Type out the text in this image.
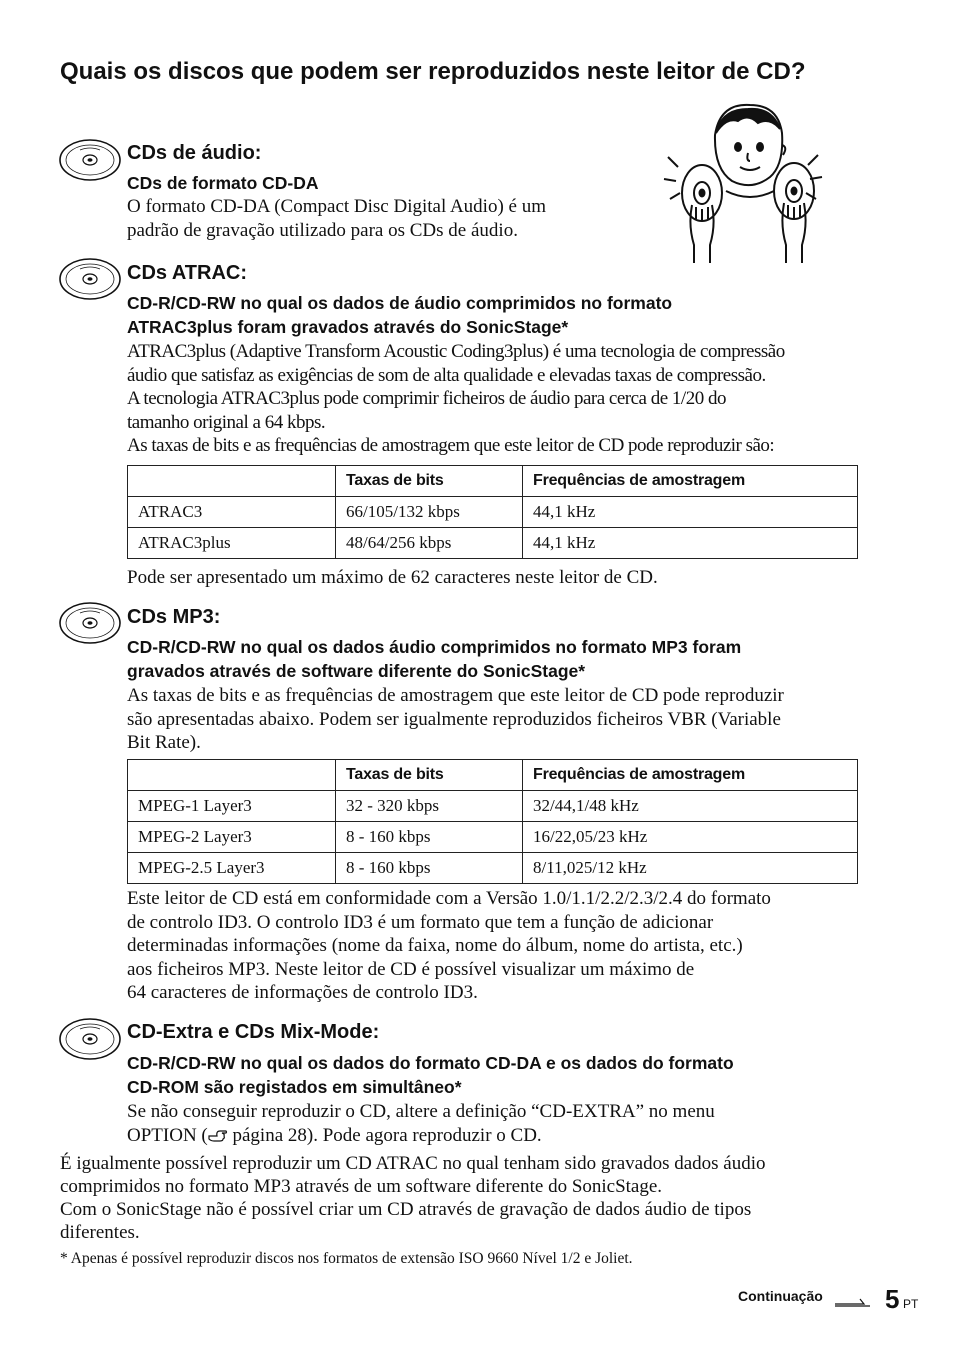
Quais os discos que podem ser reproduzidos neste leitor de CD?
CDs de áudio:

CDs de formato CD-DA

O formato CD-DA (Compact Disc Digital Audio) é um
padrão de gravação utilizado para os CDs de áudio.

CDs ATRAC:

CD-R/CD-RW no qual os dados de áudio comprimidos no formato
ATRAC3plus foram gravados através do SonicStage*

ATRAC3plus (Adaptive Transform Acoustic Coding3plus) é uma tecnologia de compressão
áudio que satisfaz as exigências de som de alta qualidade e elevadas taxas de compressão.
A tecnologia ATRAC3plus pode comprimir ficheiros de áudio para cerca de 1/20 do
tamanho original a 64 kbps.
As taxas de bits e as frequências de amostragem que este leitor de CD pode reproduzir são:

	Taxas de bits	Frequências de amostragem
ATRAC3	66/105/132 kbps	44,1 kHz
ATRAC3plus	48/64/256 kbps	44,1 kHz

Pode ser apresentado um máximo de 62 caracteres neste leitor de CD.

CDs MP3:

CD-R/CD-RW no qual os dados áudio comprimidos no formato MP3 foram
gravados através de software diferente do SonicStage*

As taxas de bits e as frequências de amostragem que este leitor de CD pode reproduzir
são apresentadas abaixo. Podem ser igualmente reproduzidos ficheiros VBR (Variable
Bit Rate).

	Taxas de bits	Frequências de amostragem
MPEG-1 Layer3	32 - 320 kbps	32/44,1/48 kHz
MPEG-2 Layer3	8 - 160 kbps	16/22,05/23 kHz
MPEG-2.5 Layer3	8 - 160 kbps	8/11,025/12 kHz

Este leitor de CD está em conformidade com a Versão 1.0/1.1/2.2/2.3/2.4 do formato
de controlo ID3. O controlo ID3 é um formato que tem a função de adicionar
determinadas informações (nome da faixa, nome do álbum, nome do artista, etc.)
aos ficheiros MP3. Neste leitor de CD é possível visualizar um máximo de
64 caracteres de informações de controlo ID3.

CD-Extra e CDs Mix-Mode:

CD-R/CD-RW no qual os dados do formato CD-DA e os dados do formato
CD-ROM são registados em simultâneo*

Se não conseguir reproduzir o CD, altere a definição “CD-EXTRA” no menu
OPTION ( página 28). Pode agora reproduzir o CD.

É igualmente possível reproduzir um CD ATRAC no qual tenham sido gravados dados áudio
comprimidos no formato MP3 através de um software diferente do SonicStage.
Com o SonicStage não é possível criar um CD através de gravação de dados áudio de tipos
diferentes.

* Apenas é possível reproduzir discos nos formatos de extensão ISO 9660 Nível 1/2 e Joliet.

Continuação 5 PT
